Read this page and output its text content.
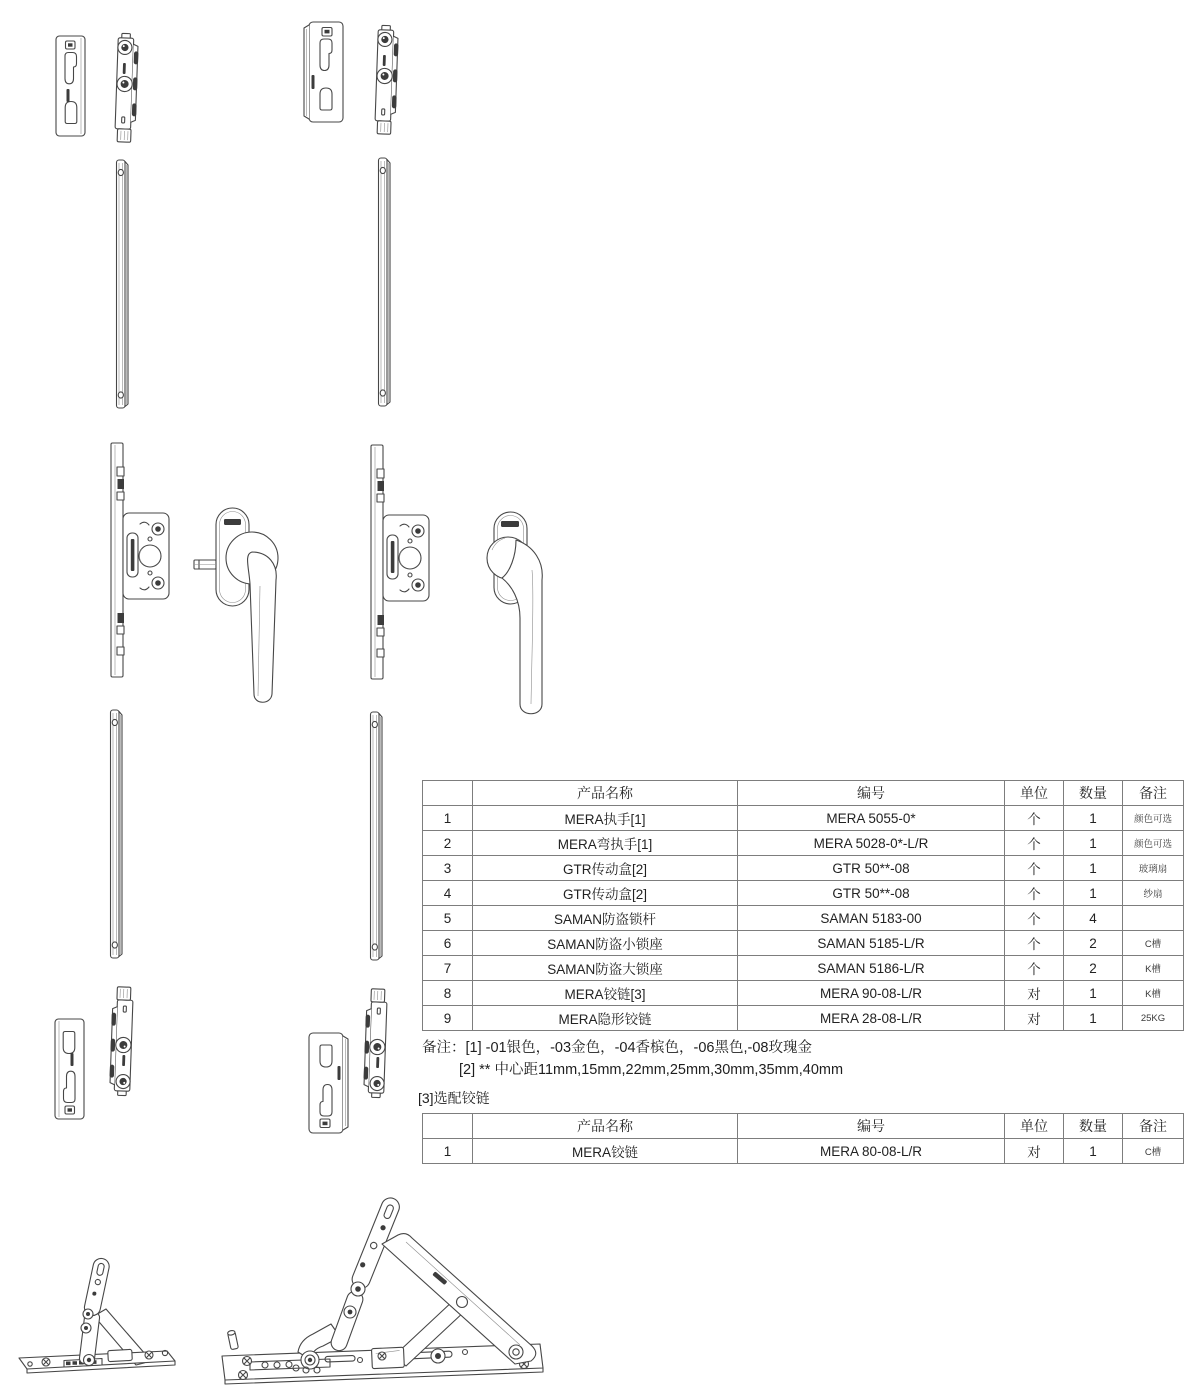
	产品名称	编号	单位	数量	备注
1	MERA执手[1]	MERA 5055-0*	个	1	颜色可选
2	MERA弯执手[1]	MERA 5028-0*-L/R	个	1	颜色可选
3	GTR传动盒[2]	GTR 50**-08	个	1	玻璃扇
4	GTR传动盒[2]	GTR 50**-08	个	1	纱扇
5	SAMAN防盗锁杆	SAMAN 5183-00	个	4	
6	SAMAN防盗小锁座	SAMAN 5185-L/R	个	2	C槽
7	SAMAN防盗大锁座	SAMAN 5186-L/R	个	2	K槽
8	MERA铰链[3]	MERA 90-08-L/R	对	1	K槽
9	MERA隐形铰链	MERA 28-08-L/R	对	1	25KG
备注：[1] -01银色，-03金色，-04香槟色，-06黑色,-08玫瑰金
[2] ** 中心距11mm,15mm,22mm,25mm,30mm,35mm,40mm
[3]选配铰链
	产品名称	编号	单位	数量	备注
1	MERA铰链	MERA 80-08-L/R	对	1	C槽
